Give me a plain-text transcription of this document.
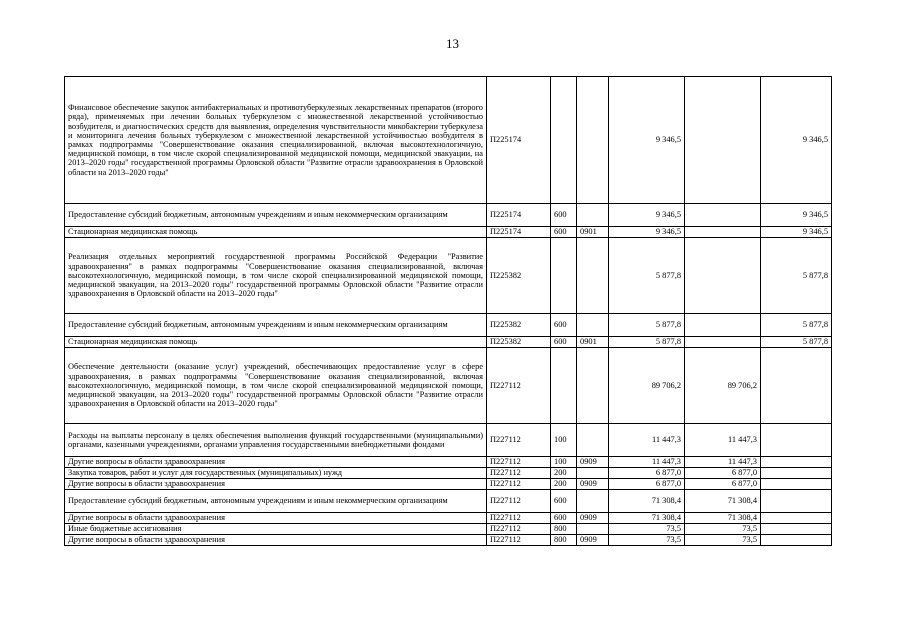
13
Финансовое обеспечение закупок антибактериальных и противотуберкулезных лекарственных препаратов (второго ряда), применяемых при лечении больных туберкулезом с множественной лекарственной устойчивостью возбудителя, и диагностических средств для выявления, определения чувствительности микобактерии туберкулеза и мониторинга лечения больных туберкулезом с множественной лекарственной устойчивостью возбудителя в рамках подпрограммы "Совершенствование оказания специализированной, включая высокотехнологичную, медицинской помощи, в том числе скорой специализированной медицинской помощи, медицинской эвакуации, на 2013–2020 годы" государственной программы Орловской области "Развитие отрасли здравоохранения в Орловской области на 2013–2020 годы"	П225174			9 346,5		9 346,5
Предоставление субсидий бюджетным, автономным учреждениям и иным некоммерческим организациям	П225174	600		9 346,5		9 346,5
Стационарная медицинская помощь	П225174	600	0901	9 346,5		9 346,5
Реализация отдельных мероприятий государственной программы Российской Федерации "Развитие здравоохранения" в рамках подпрограммы "Совершенствование оказания специализированной, включая высокотехнологичную, медицинской помощи, в том числе скорой специализированной медицинской помощи, медицинской эвакуации, на 2013–2020 годы" государственной программы Орловской области "Развитие отрасли здравоохранения в Орловской области на 2013–2020 годы"	П225382			5 877,8		5 877,8
Предоставление субсидий бюджетным, автономным учреждениям и иным некоммерческим организациям	П225382	600		5 877,8		5 877,8
Стационарная медицинская помощь	П225382	600	0901	5 877,8		5 877,8
Обеспечение деятельности (оказание услуг) учреждений, обеспечивающих предоставление услуг в сфере здравоохранения, в рамках подпрограммы "Совершенствование оказания специализированной, включая высокотехнологичную, медицинской помощи, в том числе скорой специализированной медицинской помощи, медицинской эвакуации, на 2013–2020 годы" государственной программы Орловской области "Развитие отрасли здравоохранения в Орловской области на 2013–2020 годы"	П227112			89 706,2	89 706,2	
Расходы на выплаты персоналу в целях обеспечения выполнения функций государственными (муниципальными) органами, казенными учреждениями, органами управления государственными внебюджетными фондами	П227112	100		11 447,3	11 447,3	
Другие вопросы в области здравоохранения	П227112	100	0909	11 447,3	11 447,3	
Закупка товаров, работ и услуг для государственных (муниципальных) нужд	П227112	200		6 877,0	6 877,0	
Другие вопросы в области здравоохранения	П227112	200	0909	6 877,0	6 877,0	
Предоставление субсидий бюджетным, автономным учреждениям и иным некоммерческим организациям	П227112	600		71 308,4	71 308,4	
Другие вопросы в области здравоохранения	П227112	600	0909	71 308,4	71 308,4	
Иные бюджетные ассигнования	П227112	800		73,5	73,5	
Другие вопросы в области здравоохранения	П227112	800	0909	73,5	73,5	
